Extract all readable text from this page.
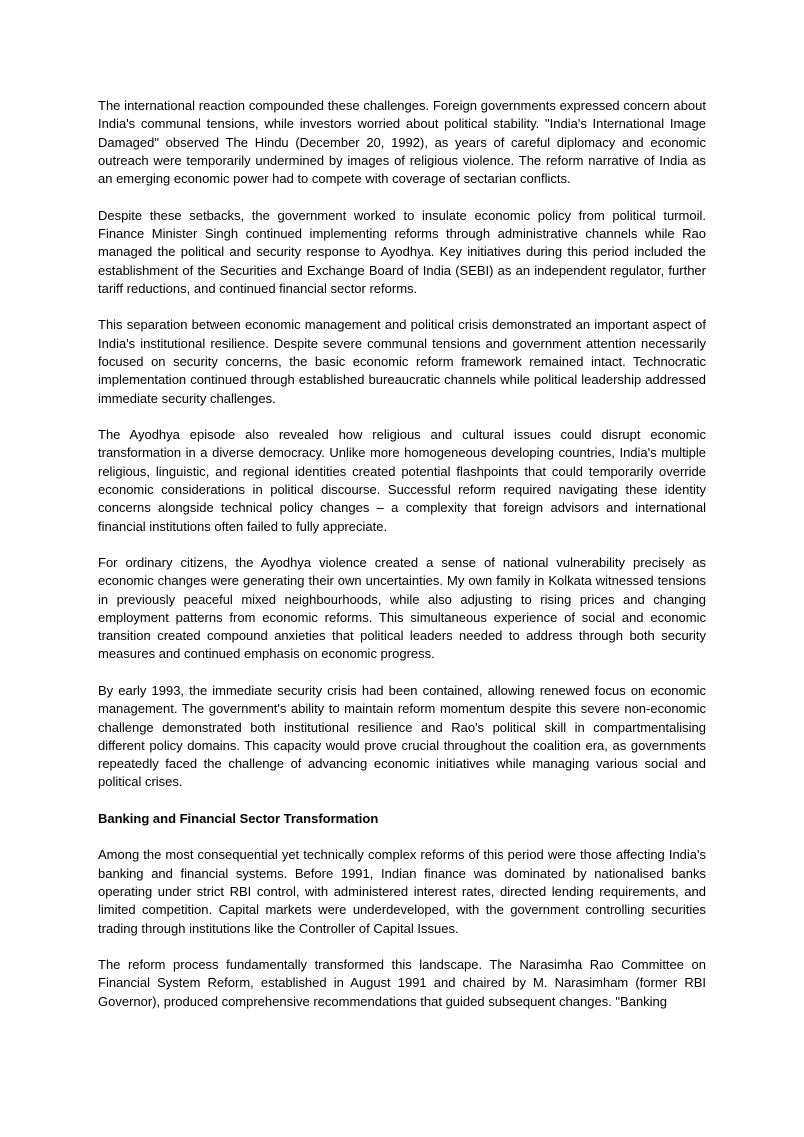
The international reaction compounded these challenges. Foreign governments expressed concern about India's communal tensions, while investors worried about political stability. "India's International Image Damaged" observed The Hindu (December 20, 1992), as years of careful diplomacy and economic outreach were temporarily undermined by images of religious violence. The reform narrative of India as an emerging economic power had to compete with coverage of sectarian conflicts.

Despite these setbacks, the government worked to insulate economic policy from political turmoil. Finance Minister Singh continued implementing reforms through administrative channels while Rao managed the political and security response to Ayodhya. Key initiatives during this period included the establishment of the Securities and Exchange Board of India (SEBI) as an independent regulator, further tariff reductions, and continued financial sector reforms.

This separation between economic management and political crisis demonstrated an important aspect of India's institutional resilience. Despite severe communal tensions and government attention necessarily focused on security concerns, the basic economic reform framework remained intact. Technocratic implementation continued through established bureaucratic channels while political leadership addressed immediate security challenges.

The Ayodhya episode also revealed how religious and cultural issues could disrupt economic transformation in a diverse democracy. Unlike more homogeneous developing countries, India's multiple religious, linguistic, and regional identities created potential flashpoints that could temporarily override economic considerations in political discourse. Successful reform required navigating these identity concerns alongside technical policy changes – a complexity that foreign advisors and international financial institutions often failed to fully appreciate.

For ordinary citizens, the Ayodhya violence created a sense of national vulnerability precisely as economic changes were generating their own uncertainties. My own family in Kolkata witnessed tensions in previously peaceful mixed neighbourhoods, while also adjusting to rising prices and changing employment patterns from economic reforms. This simultaneous experience of social and economic transition created compound anxieties that political leaders needed to address through both security measures and continued emphasis on economic progress.

By early 1993, the immediate security crisis had been contained, allowing renewed focus on economic management. The government's ability to maintain reform momentum despite this severe non-economic challenge demonstrated both institutional resilience and Rao's political skill in compartmentalising different policy domains. This capacity would prove crucial throughout the coalition era, as governments repeatedly faced the challenge of advancing economic initiatives while managing various social and political crises.

Banking and Financial Sector Transformation

Among the most consequential yet technically complex reforms of this period were those affecting India's banking and financial systems. Before 1991, Indian finance was dominated by nationalised banks operating under strict RBI control, with administered interest rates, directed lending requirements, and limited competition. Capital markets were underdeveloped, with the government controlling securities trading through institutions like the Controller of Capital Issues.

The reform process fundamentally transformed this landscape. The Narasimha Rao Committee on Financial System Reform, established in August 1991 and chaired by M. Narasimham (former RBI Governor), produced comprehensive recommendations that guided subsequent changes. "Banking
